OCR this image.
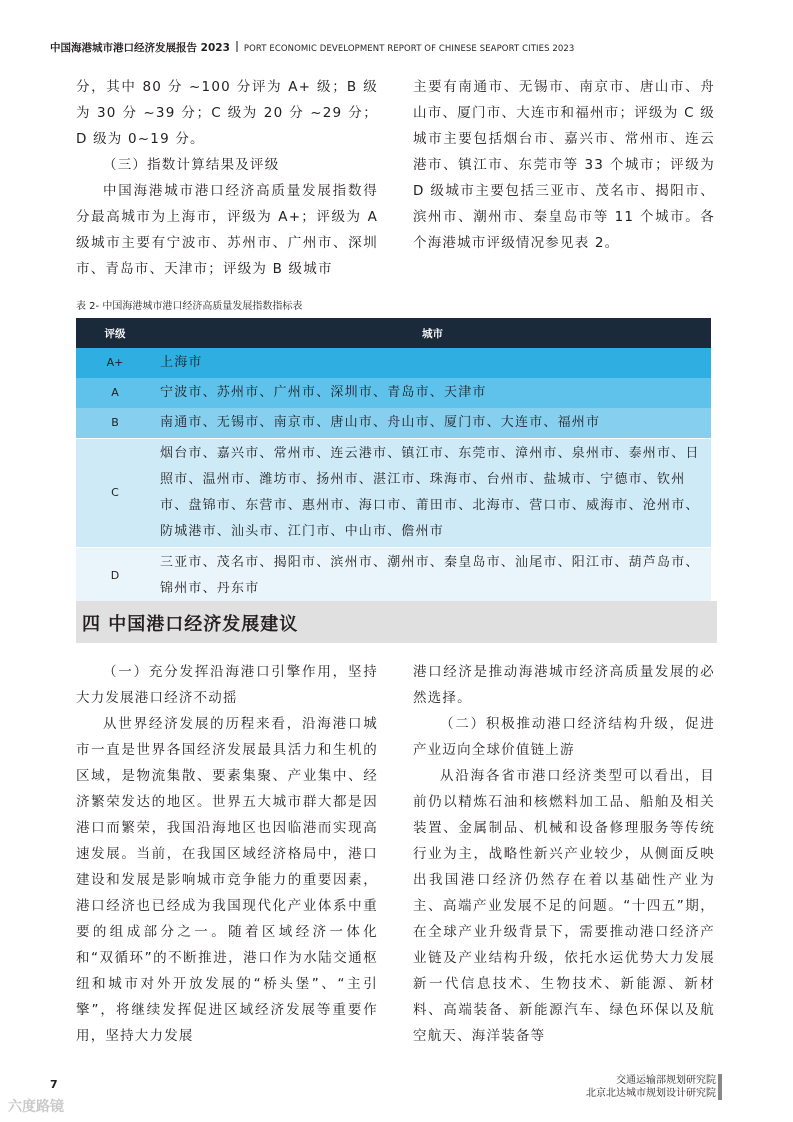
中国海港城市港口经济发展报告 2023 PORT ECONOMIC DEVELOPMENT REPORT OF CHINESE SEAPORT CITIES 2023

分，其中 80 分 ~100 分评为 A+ 级；B 级为 30 分 ~39 分；C 级为 20 分 ~29 分；D 级为 0~19 分。

（三）指数计算结果及评级

中国海港城市港口经济高质量发展指数得分最高城市为上海市，评级为 A+；评级为 A 级城市主要有宁波市、苏州市、广州市、深圳市、青岛市、天津市；评级为 B 级城市

主要有南通市、无锡市、南京市、唐山市、舟山市、厦门市、大连市和福州市；评级为 C 级城市主要包括烟台市、嘉兴市、常州市、连云港市、镇江市、东莞市等 33 个城市；评级为 D 级城市主要包括三亚市、茂名市、揭阳市、滨州市、潮州市、秦皇岛市等 11 个城市。各个海港城市评级情况参见表 2。

表 2- 中国海港城市港口经济高质量发展指数指标表
评级	城市
A+	上海市
A	宁波市、苏州市、广州市、深圳市、青岛市、天津市
B	南通市、无锡市、南京市、唐山市、舟山市、厦门市、大连市、福州市
C	烟台市、嘉兴市、常州市、连云港市、镇江市、东莞市、漳州市、泉州市、泰州市、日照市、温州市、潍坊市、扬州市、湛江市、珠海市、台州市、盐城市、宁德市、钦州市、盘锦市、东营市、惠州市、海口市、莆田市、北海市、营口市、威海市、沧州市、防城港市、汕头市、江门市、中山市、儋州市
D	三亚市、茂名市、揭阳市、滨州市、潮州市、秦皇岛市、汕尾市、阳江市、葫芦岛市、锦州市、丹东市
四 中国港口经济发展建议

（一）充分发挥沿海港口引擎作用，坚持大力发展港口经济不动摇

从世界经济发展的历程来看，沿海港口城市一直是世界各国经济发展最具活力和生机的区域，是物流集散、要素集聚、产业集中、经济繁荣发达的地区。世界五大城市群大都是因港口而繁荣，我国沿海地区也因临港而实现高速发展。当前，在我国区域经济格局中，港口建设和发展是影响城市竞争能力的重要因素，港口经济也已经成为我国现代化产业体系中重要的组成部分之一。随着区域经济一体化和“双循环”的不断推进，港口作为水陆交通枢纽和城市对外开放发展的“桥头堡”、“主引擎”，将继续发挥促进区域经济发展等重要作用，坚持大力发展

港口经济是推动海港城市经济高质量发展的必然选择。

（二）积极推动港口经济结构升级，促进产业迈向全球价值链上游

从沿海各省市港口经济类型可以看出，目前仍以精炼石油和核燃料加工品、船舶及相关装置、金属制品、机械和设备修理服务等传统行业为主，战略性新兴产业较少，从侧面反映出我国港口经济仍然存在着以基础性产业为主、高端产业发展不足的问题。“十四五”期，在全球产业升级背景下，需要推动港口经济产业链及产业结构升级，依托水运优势大力发展新一代信息技术、生物技术、新能源、新材料、高端装备、新能源汽车、绿色环保以及航空航天、海洋装备等

7	交通运输部规划研究院
北京北达城市规划设计研究院
六度路镜
